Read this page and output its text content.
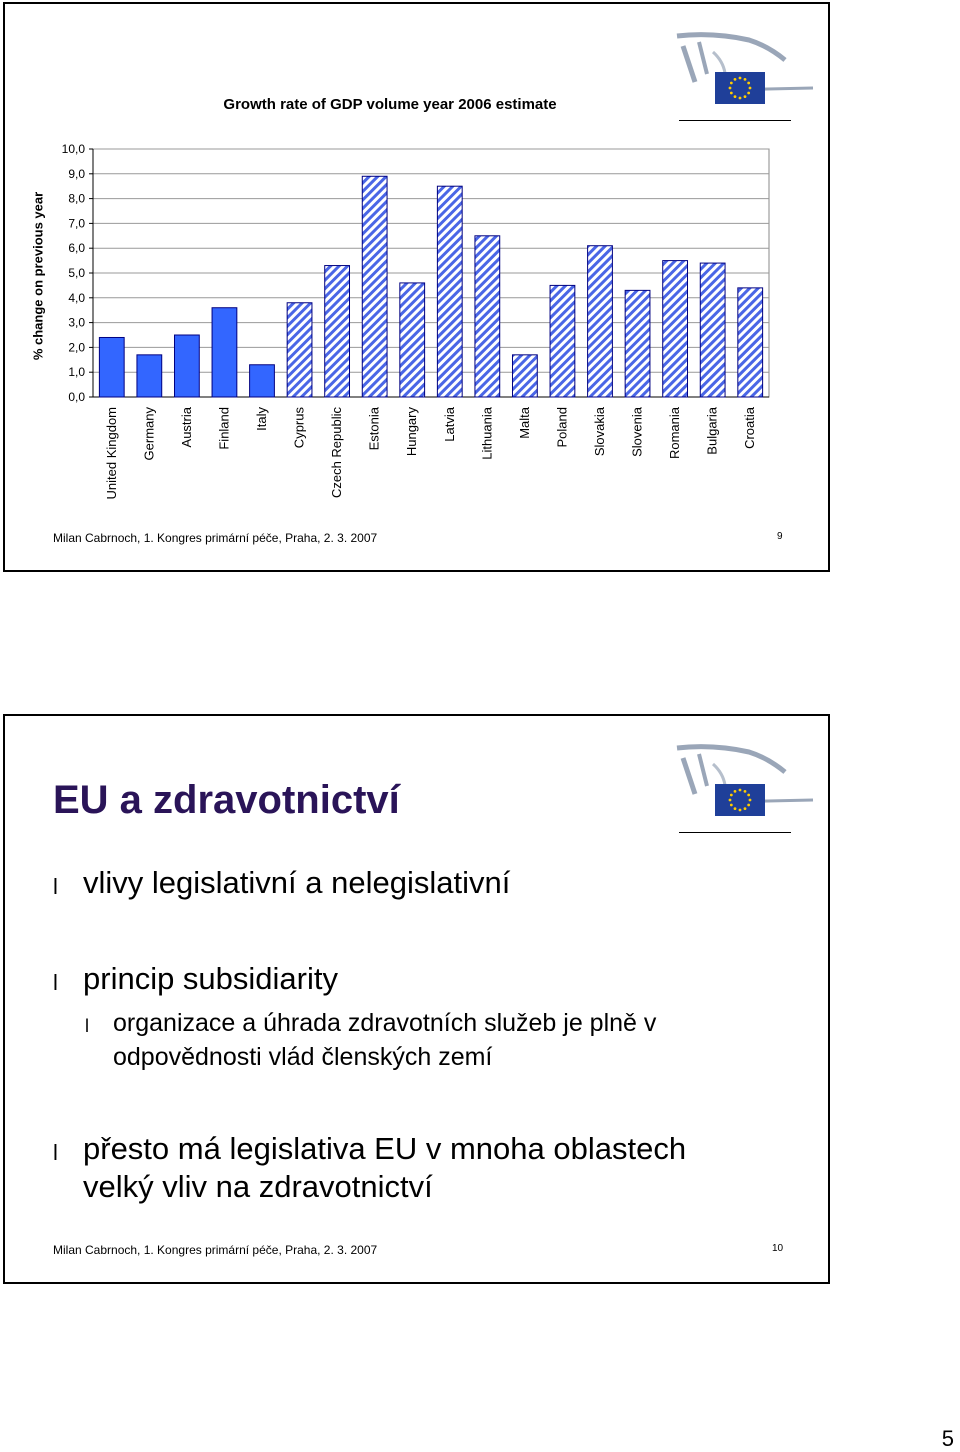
Growth rate of GDP volume year 2006 estimate
% change on previous year
0,0
1,0
2,0
3,0
4,0
5,0
6,0
7,0
8,0
9,0
10,0
United Kingdom Germany Austria Finland Italy Cyprus Czech Republic Estonia Hungary Latvia Lithuania Malta Poland Slovakia Slovenia Romania Bulgaria Croatia
Milan Cabrnoch, 1. Kongres primární péče, Praha, 2. 3. 2007	9
EU a zdravotnictví
l vlivy legislativní a nelegislativní
l princip subsidiarity
l organizace a úhrada zdravotních služeb je plně v
odpovědnosti vlád členských zemí
l přesto má legislativa EU v mnoha oblastech
velký vliv na zdravotnictví
Milan Cabrnoch, 1. Kongres primární péče, Praha, 2. 3. 2007	10
5
